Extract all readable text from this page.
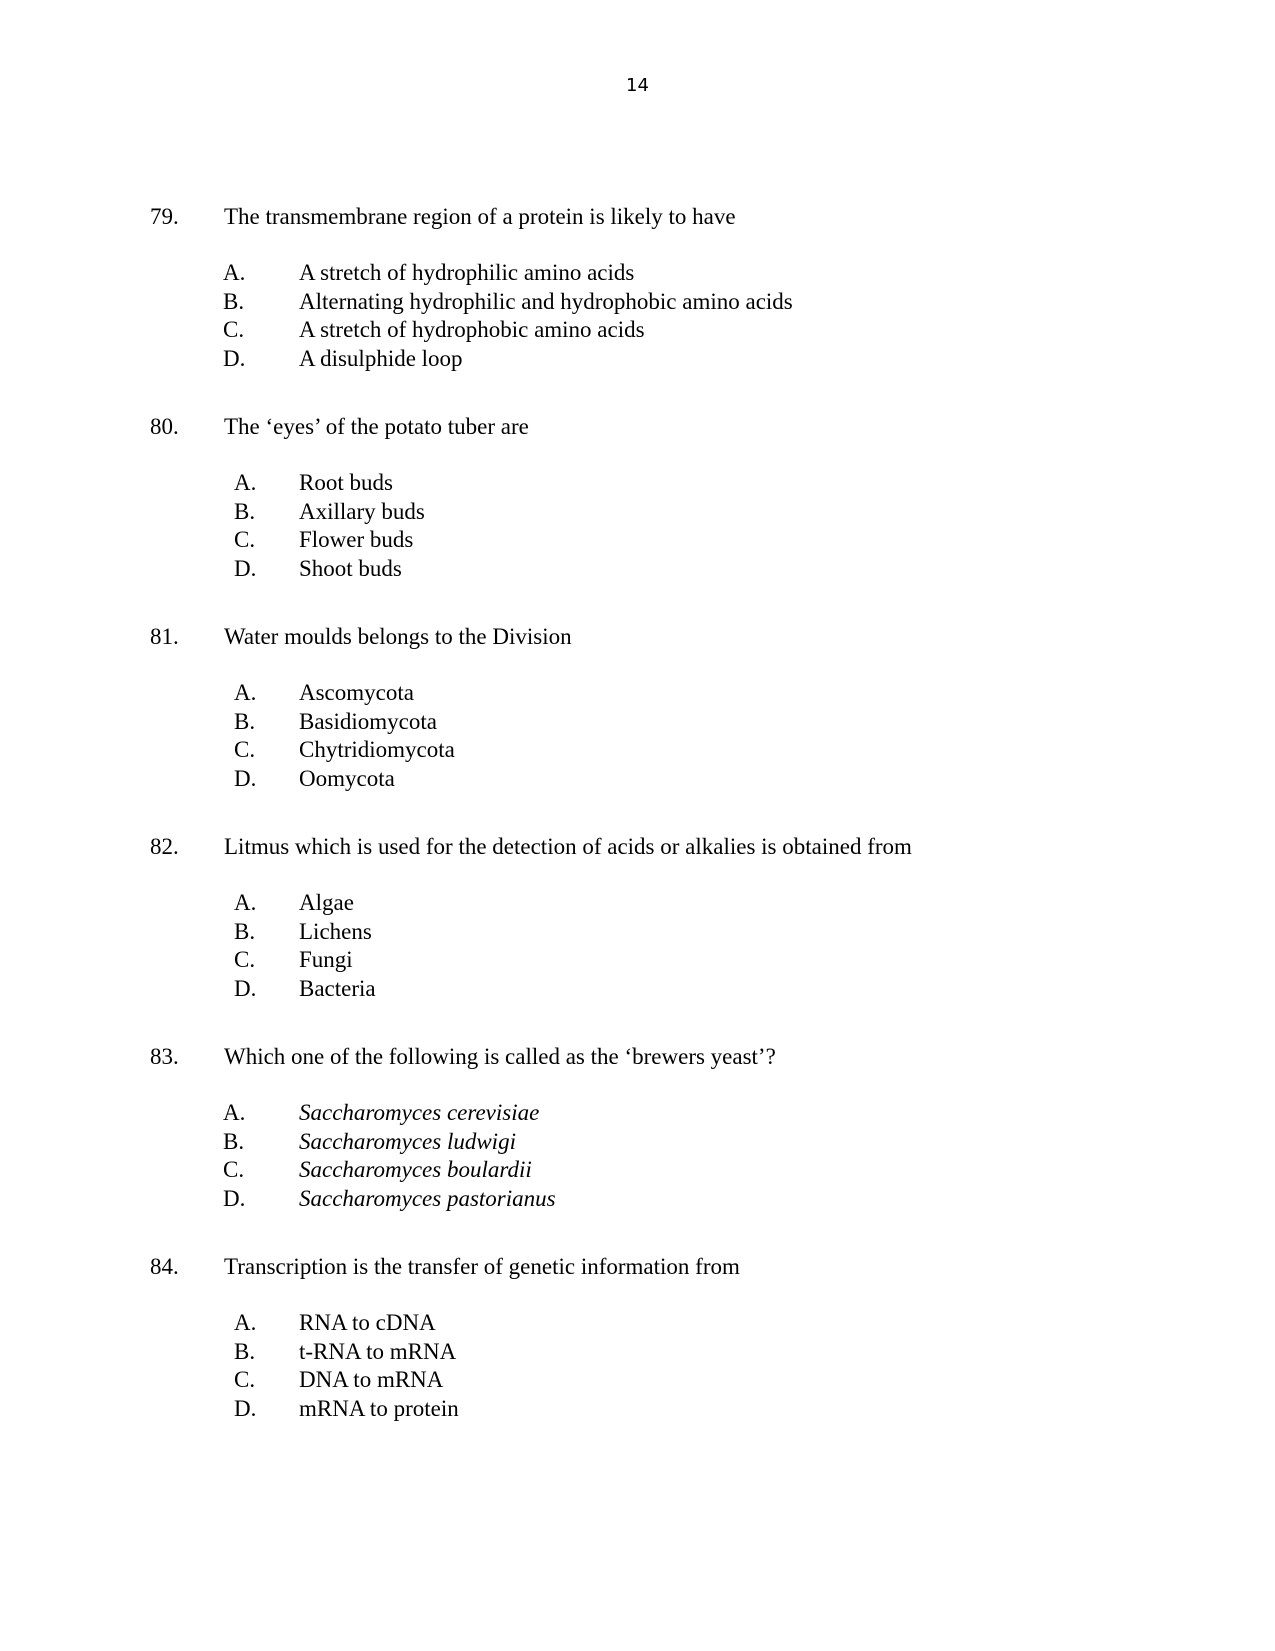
14
79. The transmembrane region of a protein is likely to have
A. A stretch of hydrophilic amino acids
B. Alternating hydrophilic and hydrophobic amino acids
C. A stretch of hydrophobic amino acids
D. A disulphide loop
80. The ‘eyes’ of the potato tuber are
A. Root buds
B. Axillary buds
C. Flower buds
D. Shoot buds
81. Water moulds belongs to the Division
A. Ascomycota
B. Basidiomycota
C. Chytridiomycota
D. Oomycota
82. Litmus which is used for the detection of acids or alkalies is obtained from
A. Algae
B. Lichens
C. Fungi
D. Bacteria
83. Which one of the following is called as the ‘brewers yeast’?
A. Saccharomyces cerevisiae
B. Saccharomyces ludwigi
C. Saccharomyces boulardii
D. Saccharomyces pastorianus
84. Transcription is the transfer of genetic information from
A. RNA to cDNA
B. t-RNA to mRNA
C. DNA to mRNA
D. mRNA to protein
